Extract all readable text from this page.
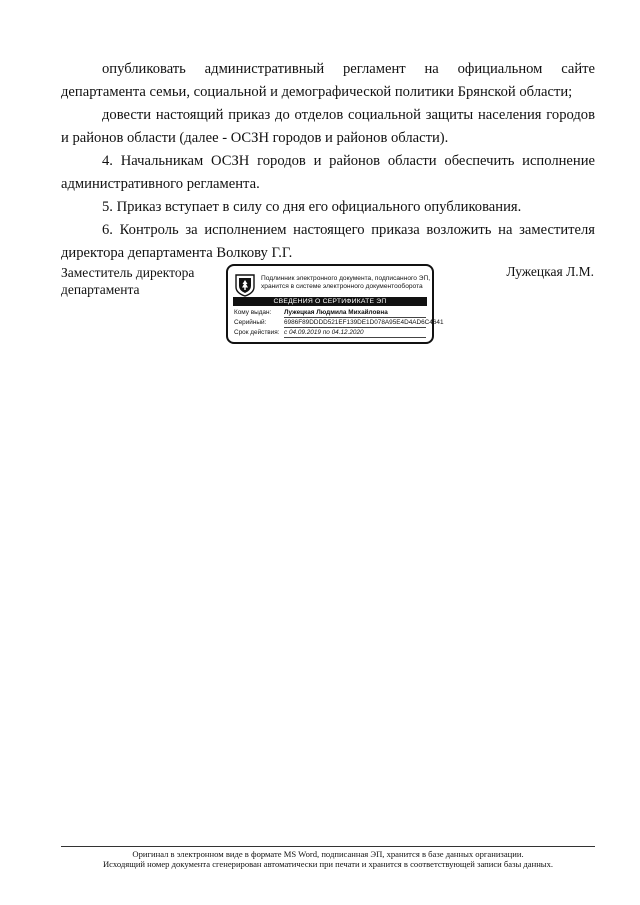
опубликовать административный регламент на официальном сайте департамента семьи, социальной и демографической политики Брянской области;

довести настоящий приказ до отделов социальной защиты населения городов и районов области (далее - ОСЗН городов и районов области).

4. Начальникам ОСЗН городов и районов области обеспечить исполнение административного регламента.

5. Приказ вступает в силу со дня его официального опубликования.

6. Контроль за исполнением настоящего приказа возложить на заместителя директора департамента Волкову Г.Г.

Заместитель директора
департамента
Подлинник электронного документа, подписанного ЭП,
хранится в системе электронного документооборота
СВЕДЕНИЯ О СЕРТИФИКАТЕ ЭП
Кому выдан: Лужецкая Людмила Михайловна
Серийный:	6986F89DDDD521EF139DE1D078A95E4D4AD6C4641
Срок действия: с 04.09.2019 по 04.12.2020
Лужецкая Л.М.
Оригинал в электронном виде в формате MS Word, подписанная ЭП, хранится в базе данных организации.
Исходящий номер документа сгенерирован автоматически при печати и хранится в соответствующей записи базы данных.
